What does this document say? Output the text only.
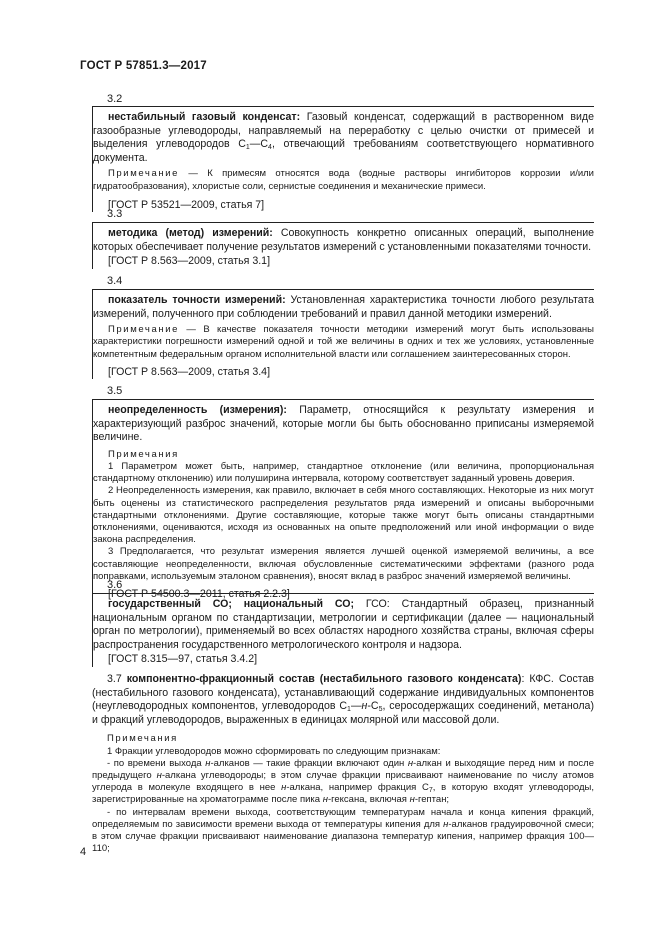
ГОСТ Р 57851.3—2017
3.2

нестабильный газовый конденсат: Газовый конденсат, содержащий в растворенном виде газообразные углеводороды, направляемый на переработку с целью очистки от примесей и выделения углеводородов $С_1—С_4$, отвечающий требованиям соответствующего нормативного документа.

Примечание — К примесям относятся вода (водные растворы ингибиторов коррозии и/или гидратообразования), хлористые соли, сернистые соединения и механические примеси.

[ГОСТ Р 53521—2009, статья 7]

3.3

методика (метод) измерений: Совокупность конкретно описанных операций, выполнение которых обеспечивает получение результатов измерений с установленными показателями точности.

[ГОСТ Р 8.563—2009, статья 3.1]

3.4

показатель точности измерений: Установленная характеристика точности любого результата измерений, полученного при соблюдении требований и правил данной методики измерений.

Примечание — В качестве показателя точности методики измерений могут быть использованы характеристики погрешности измерений одной и той же величины в одних и тех же условиях, установленные компетентным федеральным органом исполнительной власти или соглашением заинтересованных сторон.

[ГОСТ Р 8.563—2009, статья 3.4]

3.5

неопределенность (измерения): Параметр, относящийся к результату измерения и характеризующий разброс значений, которые могли бы быть обоснованно приписаны измеряемой величине.

Примечания

1 Параметром может быть, например, стандартное отклонение (или величина, пропорциональная стандартному отклонению) или полуширина интервала, которому соответствует заданный уровень доверия.

2 Неопределенность измерения, как правило, включает в себя много составляющих. Некоторые из них могут быть оценены из статистического распределения результатов ряда измерений и описаны выборочными стандартными отклонениями. Другие составляющие, которые также могут быть описаны стандартными отклонениями, оцениваются, исходя из основанных на опыте предположений или иной информации о виде закона распределения.

3 Предполагается, что результат измерения является лучшей оценкой измеряемой величины, а все составляющие неопределенности, включая обусловленные систематическими эффектами (разного рода поправками, используемым эталоном сравнения), вносят вклад в разброс значений измеряемой величины.

[ГОСТ Р 54500.3—2011, статья 2.2.3]

3.6

государственный СО; национальный СО; ГСО: Стандартный образец, признанный национальным органом по стандартизации, метрологии и сертификации (далее — национальный орган по метрологии), применяемый во всех областях народного хозяйства страны, включая сферы распространения государственного метрологического контроля и надзора.

[ГОСТ 8.315—97, статья 3.4.2]

3.7 компонентно-фракционный состав (нестабильного газового конденсата): КФС. Состав (нестабильного газового конденсата), устанавливающий содержание индивидуальных компонентов (неуглеводородных компонентов, углеводородов $С_1—н-С_5$, серосодержащих соединений, метанола) и фракций углеводородов, выраженных в единицах молярной или массовой доли.

Примечания

1 Фракции углеводородов можно сформировать по следующим признакам:

- по времени выхода н-алканов — такие фракции включают один н-алкан и выходящие перед ним и после предыдущего н-алкана углеводороды; в этом случае фракции присваивают наименование по числу атомов углерода в молекуле входящего в нее н-алкана, например фракция $С_7$, в которую входят углеводороды, зарегистрированные на хроматограмме после пика н-гексана, включая н-гептан;

- по интервалам времени выхода, соответствующим температурам начала и конца кипения фракций, определяемым по зависимости времени выхода от температуры кипения для н-алканов градуировочной смеси; в этом случае фракции присваивают наименование диапазона температур кипения, например фракция 100—110;

4
